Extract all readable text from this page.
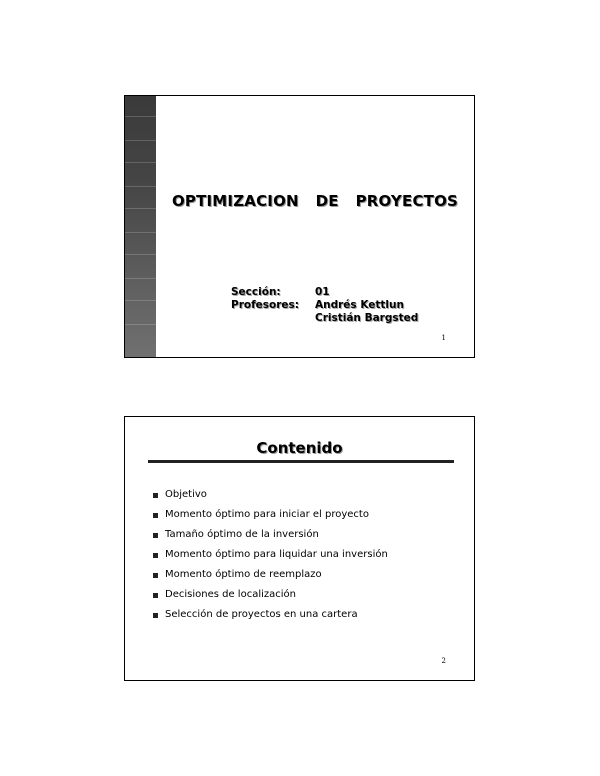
OPTIMIZACION  DE  PROYECTOS
Sección:	01
Profesores:	Andrés Kettlun
Cristián Bargsted
1
Contenido
Objetivo
Momento óptimo para iniciar el proyecto
Tamaño óptimo de la inversión
Momento óptimo para liquidar una inversión
Momento óptimo de reemplazo
Decisiones de localización
Selección de proyectos en una cartera
2
